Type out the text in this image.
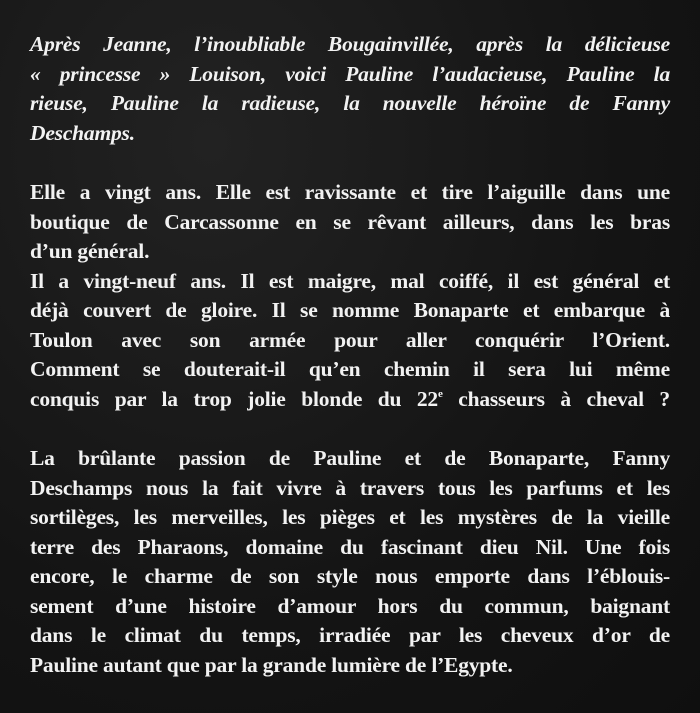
Après Jeanne, l’inoubliable Bougainvillée, après la délicieuse
« princesse » Louison, voici Pauline l’audacieuse, Pauline la
rieuse, Pauline la radieuse, la nouvelle héroïne de Fanny
Deschamps.

Elle a vingt ans. Elle est ravissante et tire l’aiguille dans une
boutique de Carcassonne en se rêvant ailleurs, dans les bras
d’un général.

Il a vingt-neuf ans. Il est maigre, mal coiffé, il est général et
déjà couvert de gloire. Il se nomme Bonaparte et embarque à
Toulon avec son armée pour aller conquérir l’Orient.
Comment se douterait-il qu’en chemin il sera lui même
conquis par la trop jolie blonde du 22e chasseurs à cheval ?

La brûlante passion de Pauline et de Bonaparte, Fanny
Deschamps nous la fait vivre à travers tous les parfums et les
sortilèges, les merveilles, les pièges et les mystères de la vieille
terre des Pharaons, domaine du fascinant dieu Nil. Une fois
encore, le charme de son style nous emporte dans l’éblouis-
sement d’une histoire d’amour hors du commun, baignant
dans le climat du temps, irradiée par les cheveux d’or de
Pauline autant que par la grande lumière de l’Egypte.
